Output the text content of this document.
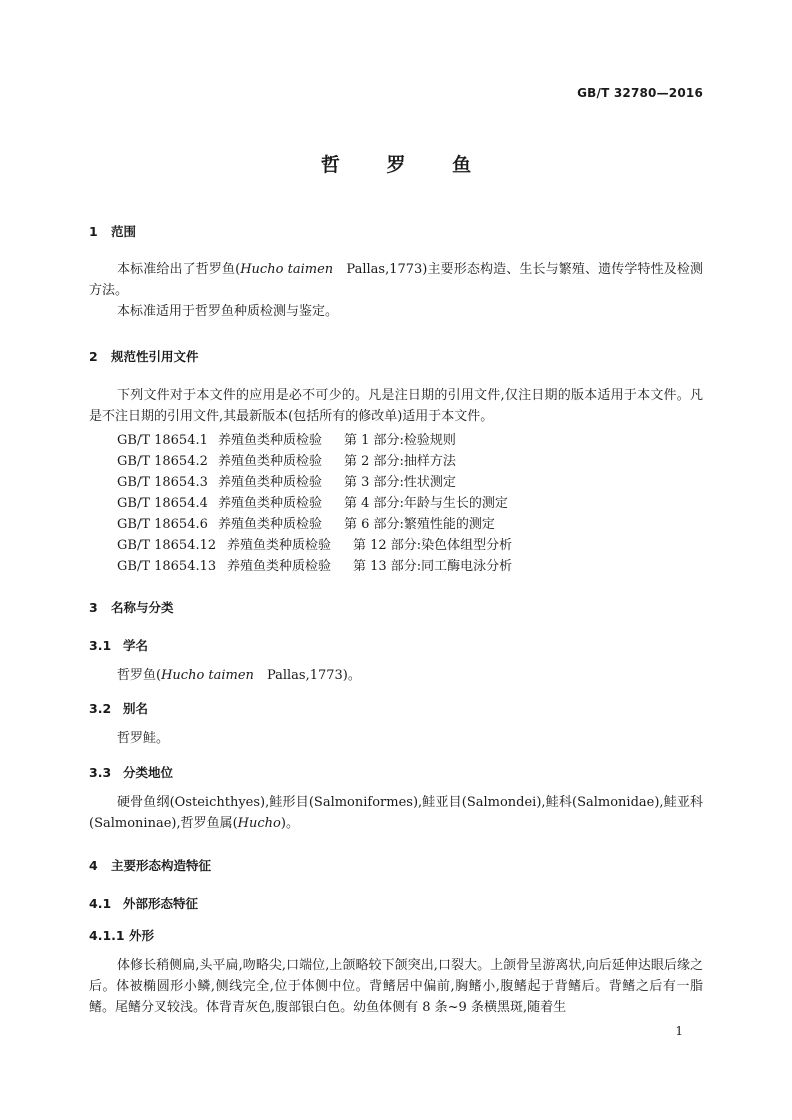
GB/T 32780—2016
哲 罗 鱼
1 范围
本标准给出了哲罗鱼(Hucho taimen　Pallas,1773)主要形态构造、生长与繁殖、遗传学特性及检测方法。
本标准适用于哲罗鱼种质检测与鉴定。
2 规范性引用文件
下列文件对于本文件的应用是必不可少的。凡是注日期的引用文件,仅注日期的版本适用于本文件。凡是不注日期的引用文件,其最新版本(包括所有的修改单)适用于本文件。
GB/T 18654.1 养殖鱼类种质检验 第 1 部分:检验规则
GB/T 18654.2 养殖鱼类种质检验 第 2 部分:抽样方法
GB/T 18654.3 养殖鱼类种质检验 第 3 部分:性状测定
GB/T 18654.4 养殖鱼类种质检验 第 4 部分:年龄与生长的测定
GB/T 18654.6 养殖鱼类种质检验 第 6 部分:繁殖性能的测定
GB/T 18654.12 养殖鱼类种质检验 第 12 部分:染色体组型分析
GB/T 18654.13 养殖鱼类种质检验 第 13 部分:同工酶电泳分析
3 名称与分类
3.1 学名
哲罗鱼(Hucho taimen　Pallas,1773)。
3.2 别名
哲罗鲑。
3.3 分类地位
硬骨鱼纲(Osteichthyes),鲑形目(Salmoniformes),鲑亚目(Salmondei),鲑科(Salmonidae),鲑亚科(Salmoninae),哲罗鱼属(Hucho)。
4 主要形态构造特征
4.1 外部形态特征
4.1.1 外形
体修长稍侧扁,头平扁,吻略尖,口端位,上颌略较下颌突出,口裂大。上颌骨呈游离状,向后延伸达眼后缘之后。体被椭圆形小鳞,侧线完全,位于体侧中位。背鳍居中偏前,胸鳍小,腹鳍起于背鳍后。背鳍之后有一脂鳍。尾鳍分叉较浅。体背青灰色,腹部银白色。幼鱼体侧有 8 条~9 条横黑斑,随着生
1
